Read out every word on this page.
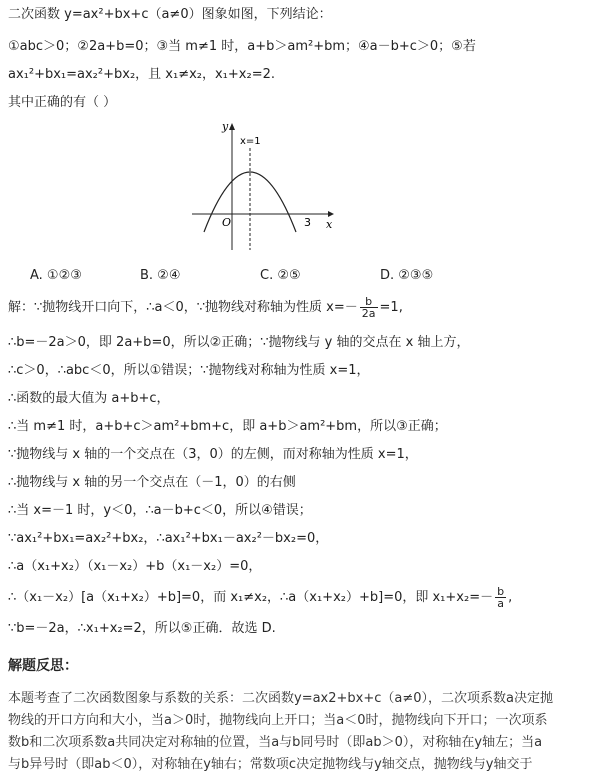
二次函数 y=ax²+bx+c（a≠0）图象如图，下列结论：
①abc＞0；②2a+b=0；③当 m≠1 时，a+b＞am²+bm；④a－b+c＞0；⑤若
ax₁²+bx₁=ax₂²+bx₂，且 x₁≠x₂，x₁+x₂=2.
其中正确的有（ ）
y
x
O	3
x=1
A. ①②③	B. ②④	C. ②⑤	D. ②③⑤
解：∵抛物线开口向下，∴a＜0，∵抛物线对称轴为性质 $x=- \frac{b}{2a} =1$,
∴b=－2a＞0，即 2a+b=0，所以②正确；∵抛物线与 y 轴的交点在 x 轴上方，
∴c＞0，∴abc＜0，所以①错误；∵抛物线对称轴为性质 x=1，
∴函数的最大值为 a+b+c，
∴当 m≠1 时，a+b+c＞am²+bm+c，即 a+b＞am²+bm，所以③正确；
∵抛物线与 x 轴的一个交点在（3，0）的左侧，而对称轴为性质 x=1，
∴抛物线与 x 轴的另一个交点在（－1，0）的右侧
∴当 x=－1 时，y＜0，∴a－b+c＜0，所以④错误；
∵ax₁²+bx₁=ax₂²+bx₂，∴ax₁²+bx₁－ax₂²－bx₂=0，
∴a（x₁+x₂）（x₁－x₂）+b（x₁－x₂）=0，
∴（x₁－x₂）[a（x₁+x₂）+b]=0，而 x₁≠x₂，∴a（x₁+x₂）+b]=0，即 $x_1+x_2=- \frac{b}{a}$ ,
∵b=－2a，∴x₁+x₂=2，所以⑤正确．故选 D.
解题反思：
本题考查了二次函数图象与系数的关系：二次函数y=ax2+bx+c（a≠0），二次项系数a决定抛
物线的开口方向和大小，当a＞0时，抛物线向上开口；当a＜0时，抛物线向下开口；一次项系
数b和二次项系数a共同决定对称轴的位置，当a与b同号时（即ab＞0），对称轴在y轴左；当a
与b异号时（即ab＜0），对称轴在y轴右；常数项c决定抛物线与y轴交点，抛物线与y轴交于
